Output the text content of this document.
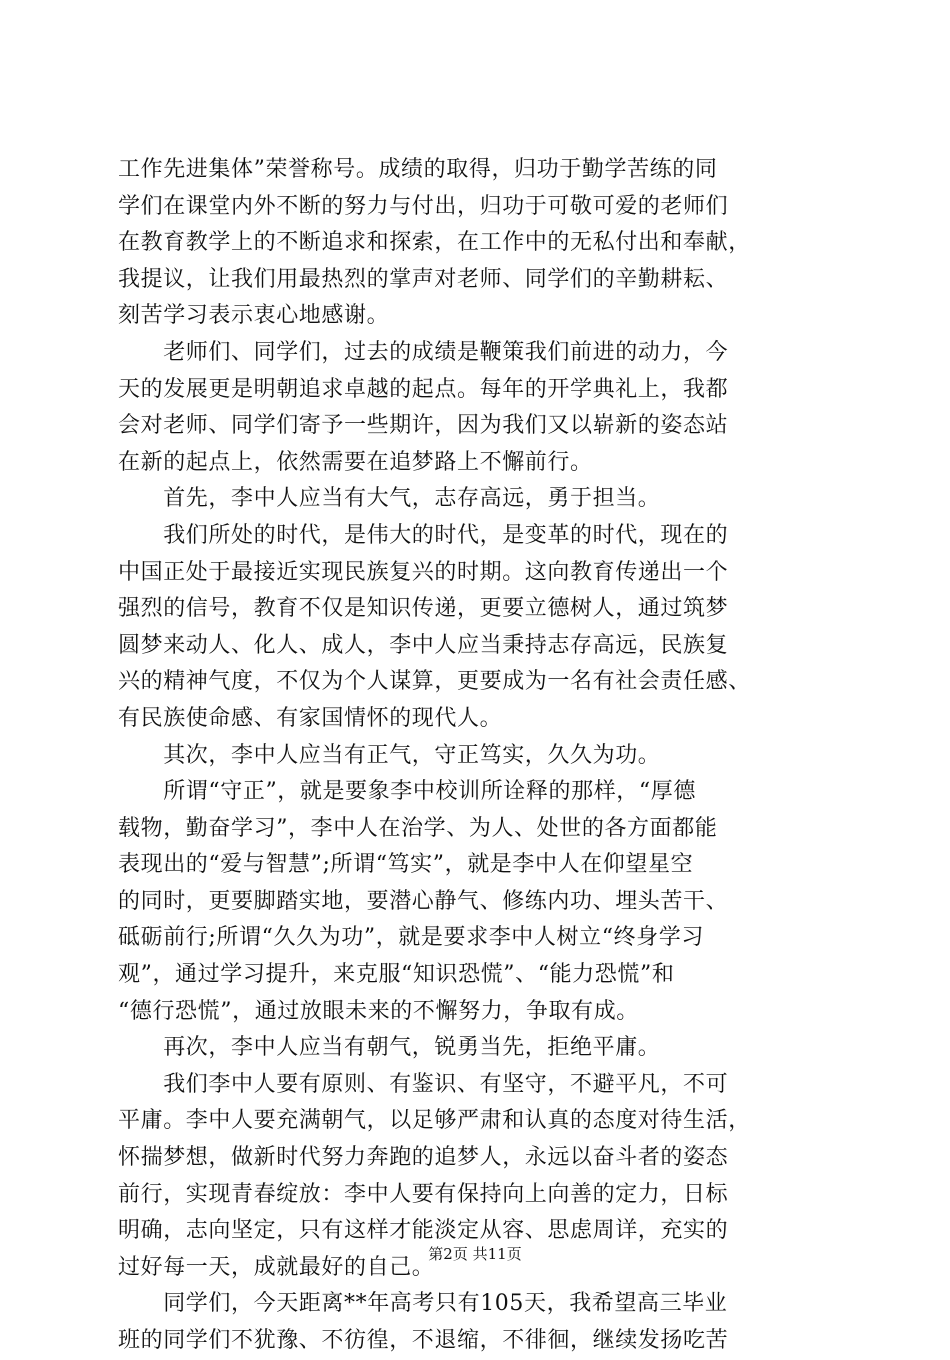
工作先进集体”荣誉称号。成绩的取得，归功于勤学苦练的同
学们在课堂内外不断的努力与付出，归功于可敬可爱的老师们
在教育教学上的不断追求和探索，在工作中的无私付出和奉献，
我提议，让我们用最热烈的掌声对老师、同学们的辛勤耕耘、
刻苦学习表示衷心地感谢。
　　老师们、同学们，过去的成绩是鞭策我们前进的动力，今
天的发展更是明朝追求卓越的起点。每年的开学典礼上，我都
会对老师、同学们寄予一些期许，因为我们又以崭新的姿态站
在新的起点上，依然需要在追梦路上不懈前行。
　　首先，李中人应当有大气，志存高远，勇于担当。
　　我们所处的时代，是伟大的时代，是变革的时代，现在的
中国正处于最接近实现民族复兴的时期。这向教育传递出一个
强烈的信号，教育不仅是知识传递，更要立德树人，通过筑梦
圆梦来动人、化人、成人，李中人应当秉持志存高远，民族复
兴的精神气度，不仅为个人谋算，更要成为一名有社会责任感、
有民族使命感、有家国情怀的现代人。
　　其次，李中人应当有正气，守正笃实，久久为功。
　　所谓“守正”，就是要象李中校训所诠释的那样，“厚德
载物，勤奋学习”，李中人在治学、为人、处世的各方面都能
表现出的“爱与智慧”;所谓“笃实”，就是李中人在仰望星空
的同时，更要脚踏实地，要潜心静气、修练内功、埋头苦干、
砥砺前行;所谓“久久为功”，就是要求李中人树立“终身学习
观”，通过学习提升，来克服“知识恐慌”、“能力恐慌”和
“德行恐慌”，通过放眼未来的不懈努力，争取有成。
　　再次，李中人应当有朝气，锐勇当先，拒绝平庸。
　　我们李中人要有原则、有鉴识、有坚守，不避平凡，不可
平庸。李中人要充满朝气，以足够严肃和认真的态度对待生活，
怀揣梦想，做新时代努力奔跑的追梦人，永远以奋斗者的姿态
前行，实现青春绽放：李中人要有保持向上向善的定力，日标
明确，志向坚定，只有这样才能淡定从容、思虑周详，充实的
过好每一天，成就最好的自己。
　　同学们，今天距离**年高考只有105天，我希望高三毕业
班的同学们不犹豫、不彷徨，不退缩，不徘徊，继续发扬吃苦
第2页 共11页
